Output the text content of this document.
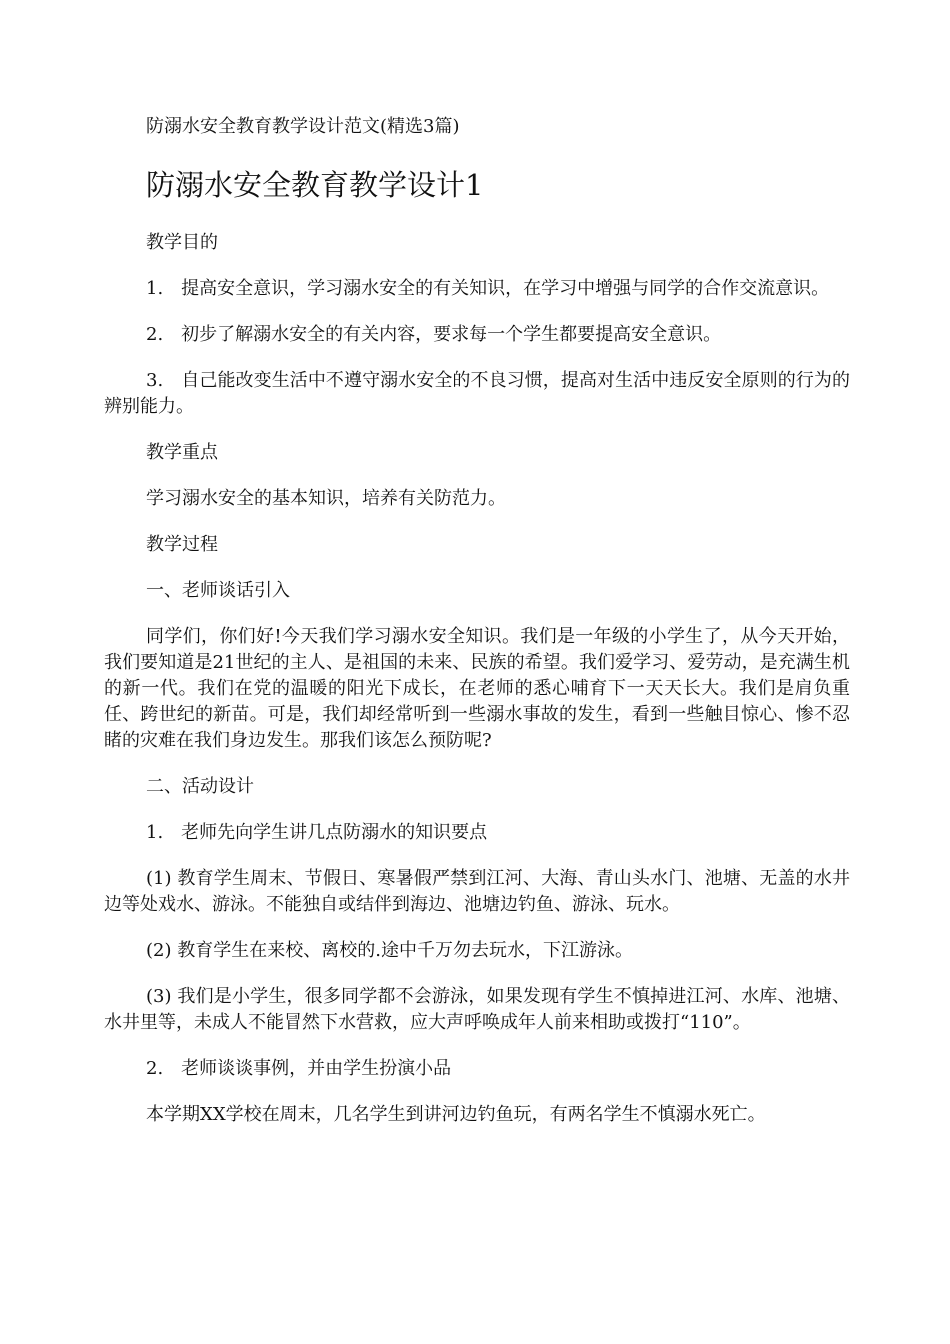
防溺水安全教育教学设计范文(精选3篇)
防溺水安全教育教学设计1

教学目的

1.　提高安全意识，学习溺水安全的有关知识，在学习中增强与同学的合作交流意识。

2.　初步了解溺水安全的有关内容，要求每一个学生都要提高安全意识。

3.　自己能改变生活中不遵守溺水安全的不良习惯，提高对生活中违反安全原则的行为的辨别能力。

教学重点

学习溺水安全的基本知识，培养有关防范力。

教学过程

一、老师谈话引入

同学们，你们好!今天我们学习溺水安全知识。我们是一年级的小学生了，从今天开始，我们要知道是21世纪的主人、是祖国的未来、民族的希望。我们爱学习、爱劳动，是充满生机的新一代。我们在党的温暖的阳光下成长，在老师的悉心哺育下一天天长大。我们是肩负重任、跨世纪的新苗。可是，我们却经常听到一些溺水事故的发生，看到一些触目惊心、惨不忍睹的灾难在我们身边发生。那我们该怎么预防呢?

二、活动设计

1.　老师先向学生讲几点防溺水的知识要点

(1) 教育学生周末、节假日、寒暑假严禁到江河、大海、青山头水门、池塘、无盖的水井边等处戏水、游泳。不能独自或结伴到海边、池塘边钓鱼、游泳、玩水。

(2) 教育学生在来校、离校的.途中千万勿去玩水，下江游泳。

(3) 我们是小学生，很多同学都不会游泳，如果发现有学生不慎掉进江河、水库、池塘、水井里等，未成人不能冒然下水营救，应大声呼唤成年人前来相助或拨打“110”。

2.　老师谈谈事例，并由学生扮演小品

本学期XX学校在周末，几名学生到讲河边钓鱼玩，有两名学生不慎溺水死亡。
